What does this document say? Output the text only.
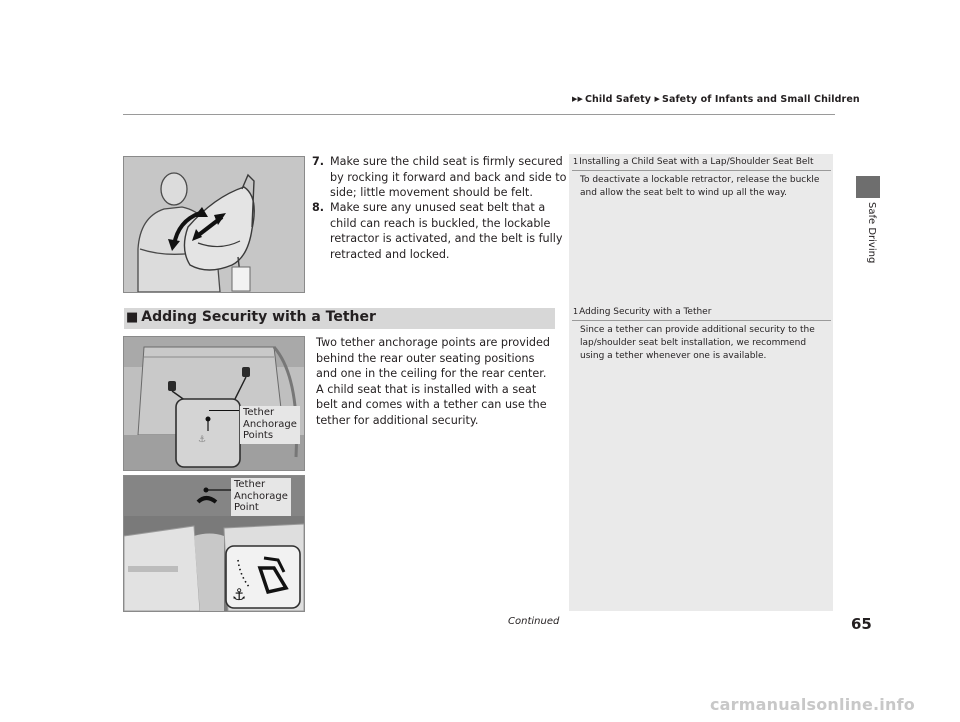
▶▶ Child Safety ▶ Safety of Infants and Small Children
Safe Driving
1Installing a Child Seat with a Lap/Shoulder Seat Belt
To deactivate a lockable retractor, release the buckle and allow the seat belt to wind up all the way.
1Adding Security with a Tether
Since a tether can provide additional security to the lap/shoulder seat belt installation, we recommend using a tether whenever one is available.
7. Make sure the child seat is firmly secured by rocking it forward and back and side to side; little movement should be felt.
8. Make sure any unused seat belt that a child can reach is buckled, the lockable retractor is activated, and the belt is fully retracted and locked.
■ Adding Security with a Tether
Two tether anchorage points are provided behind the rear outer seating positions and one in the ceiling for the rear center. A child seat that is installed with a seat belt and comes with a tether can use the tether for additional security.
⚓
Tether
Anchorage
Points
⚓
Tether
Anchorage
Point
Continued	65
carmanualsonline.info
